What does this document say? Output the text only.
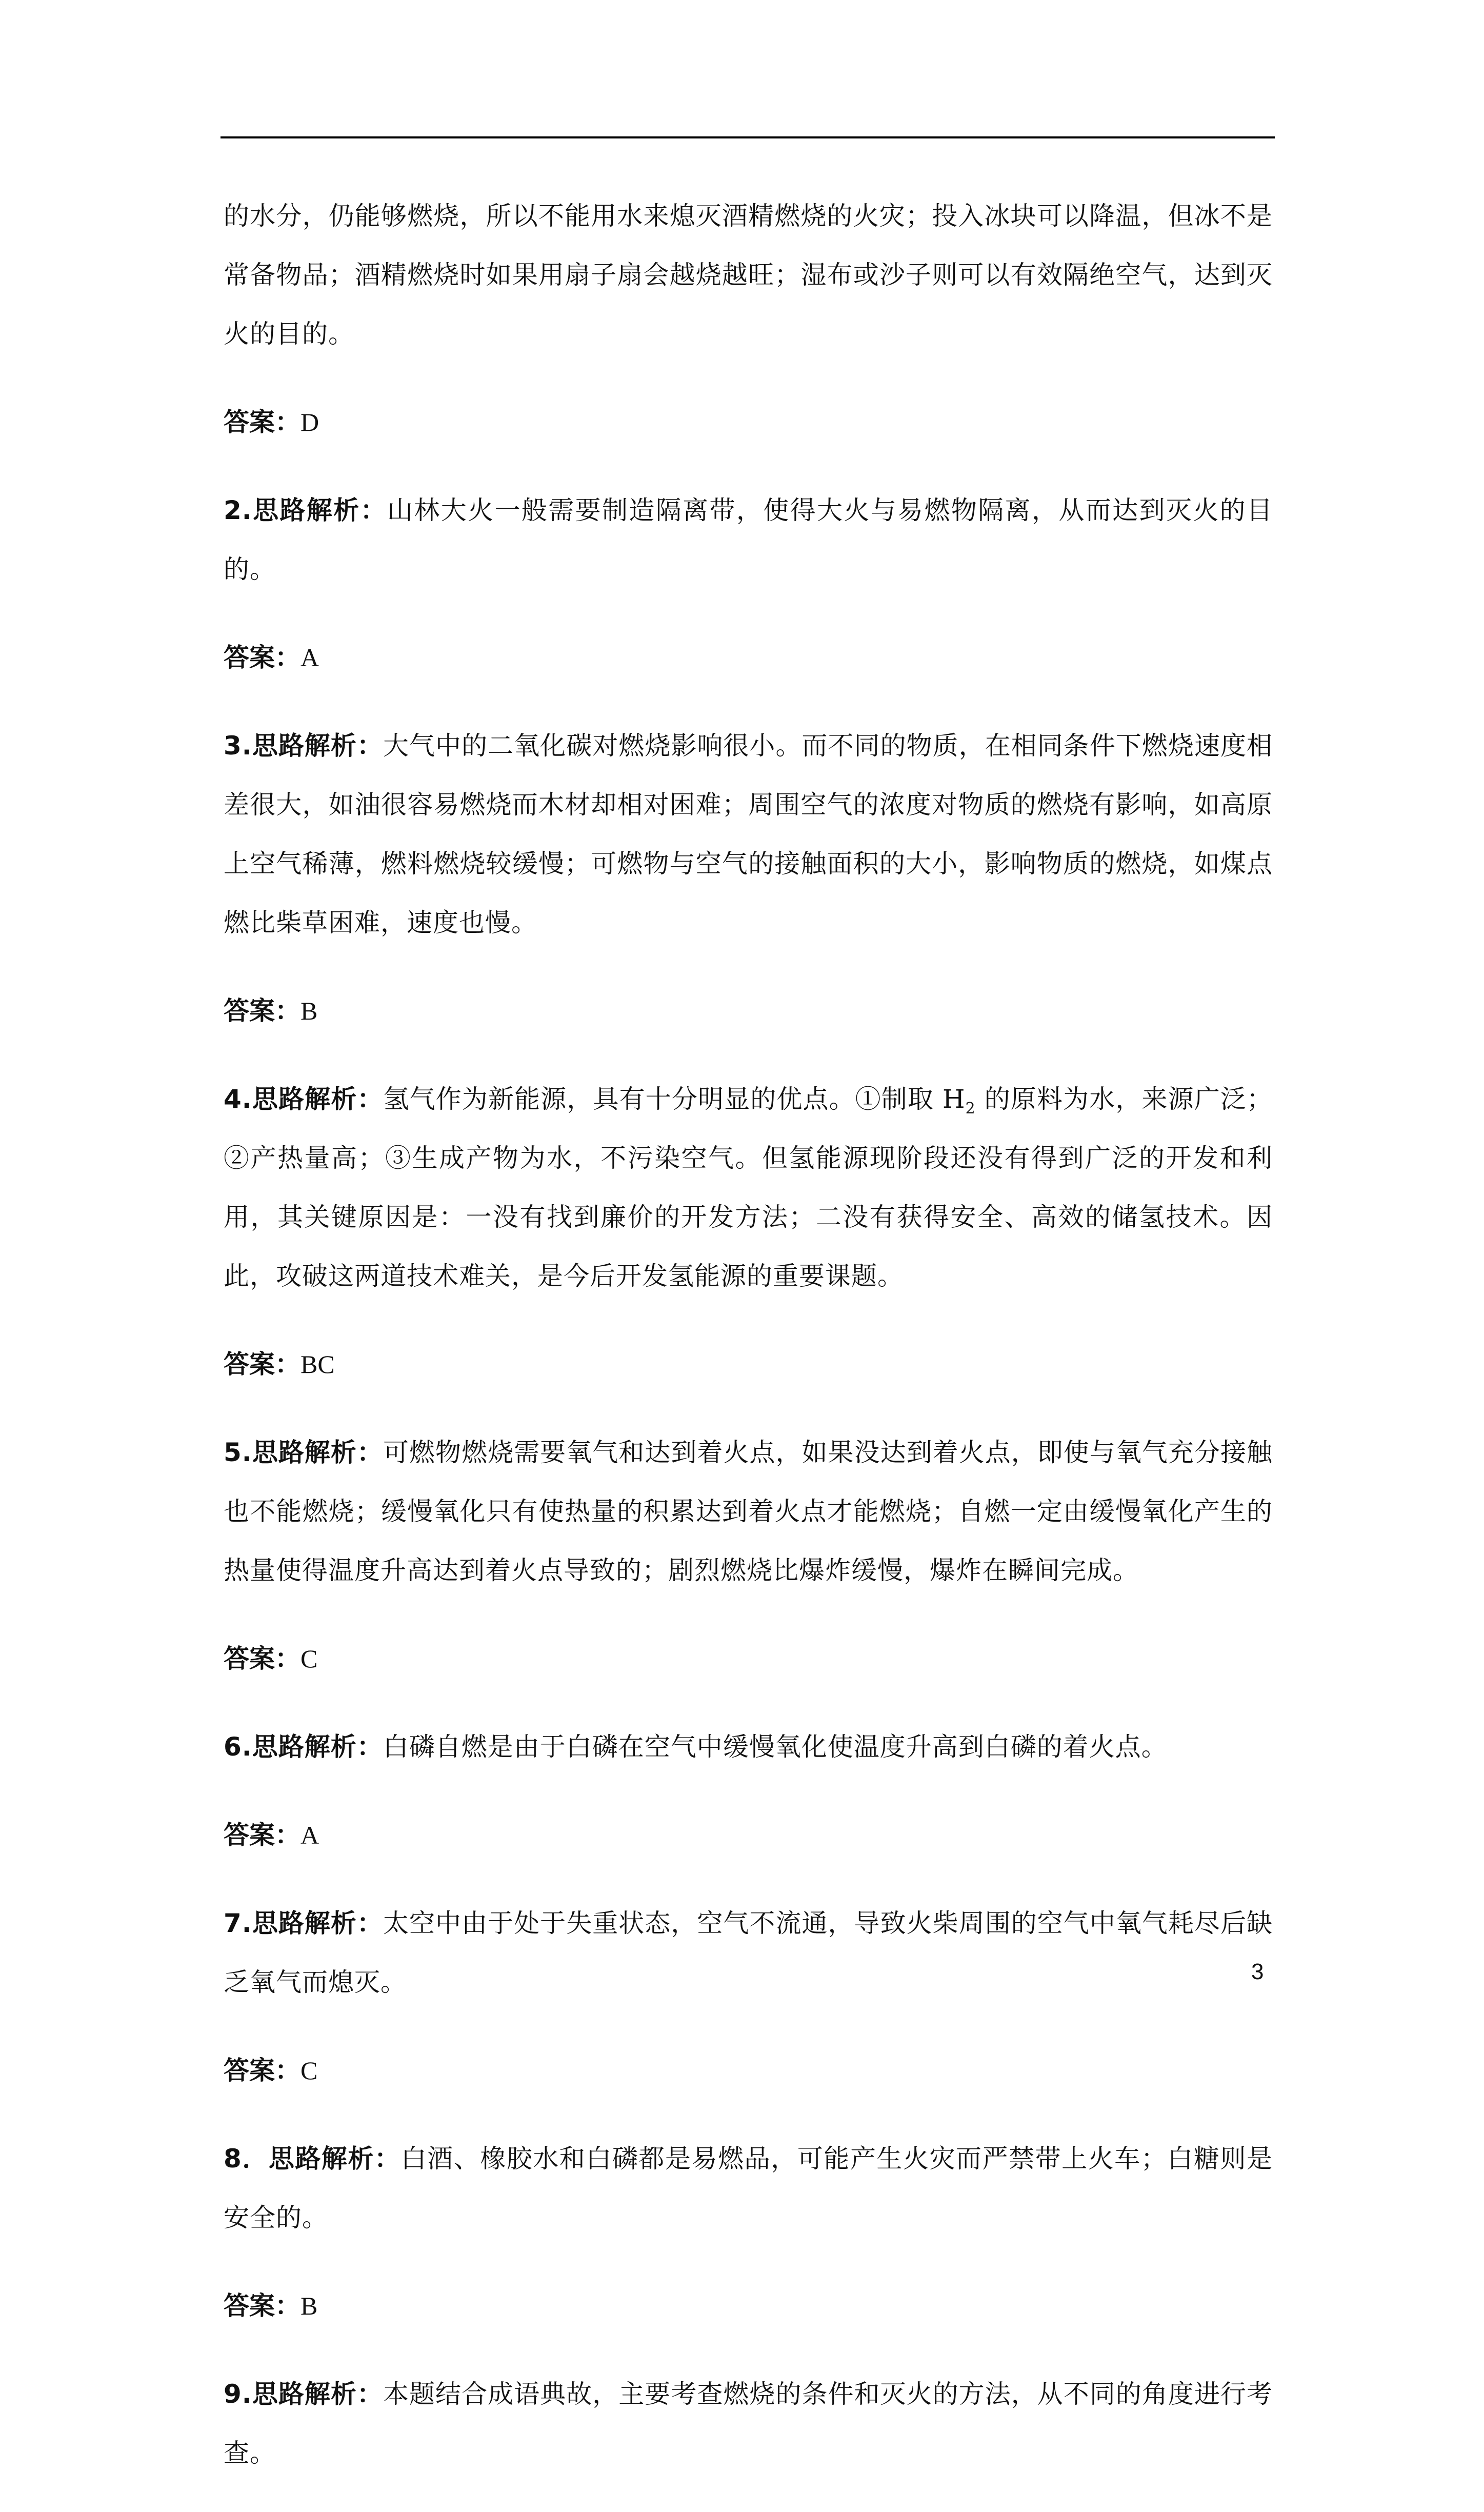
的水分，仍能够燃烧，所以不能用水来熄灭酒精燃烧的火灾；投入冰块可以降温，但冰不是常备物品；酒精燃烧时如果用扇子扇会越烧越旺；湿布或沙子则可以有效隔绝空气，达到灭火的目的。

答案：D

2.思路解析：山林大火一般需要制造隔离带，使得大火与易燃物隔离，从而达到灭火的目的。

答案：A

3.思路解析：大气中的二氧化碳对燃烧影响很小。而不同的物质，在相同条件下燃烧速度相差很大，如油很容易燃烧而木材却相对困难；周围空气的浓度对物质的燃烧有影响，如高原上空气稀薄，燃料燃烧较缓慢；可燃物与空气的接触面积的大小，影响物质的燃烧，如煤点燃比柴草困难，速度也慢。

答案：B

4.思路解析：氢气作为新能源，具有十分明显的优点。①制取 $H_2$ 的原料为水，来源广泛；②产热量高；③生成产物为水，不污染空气。但氢能源现阶段还没有得到广泛的开发和利用，其关键原因是：一没有找到廉价的开发方法；二没有获得安全、高效的储氢技术。因此，攻破这两道技术难关，是今后开发氢能源的重要课题。

答案：BC

5.思路解析：可燃物燃烧需要氧气和达到着火点，如果没达到着火点，即使与氧气充分接触也不能燃烧；缓慢氧化只有使热量的积累达到着火点才能燃烧；自燃一定由缓慢氧化产生的热量使得温度升高达到着火点导致的；剧烈燃烧比爆炸缓慢，爆炸在瞬间完成。

答案：C

6.思路解析：白磷自燃是由于白磷在空气中缓慢氧化使温度升高到白磷的着火点。

答案：A

7.思路解析：太空中由于处于失重状态，空气不流通，导致火柴周围的空气中氧气耗尽后缺乏氧气而熄灭。

答案：C

8．思路解析：白酒、橡胶水和白磷都是易燃品，可能产生火灾而严禁带上火车；白糖则是安全的。

答案：B

9.思路解析：本题结合成语典故，主要考查燃烧的条件和灭火的方法，从不同的角度进行考查。

3
